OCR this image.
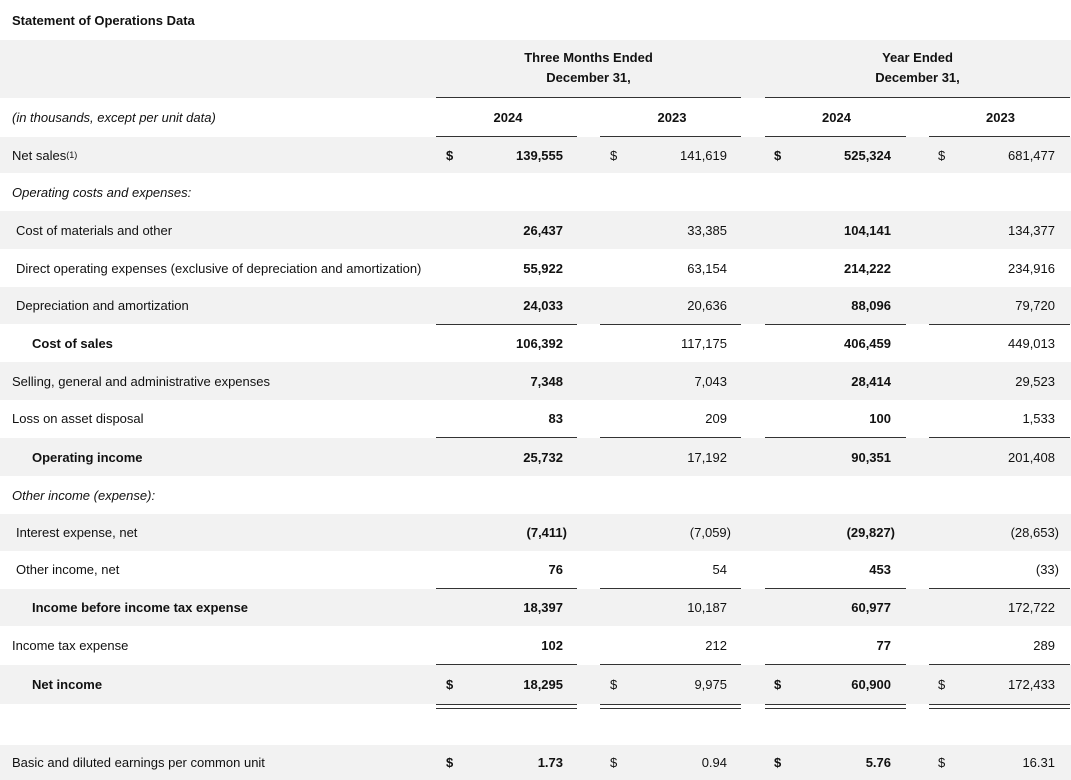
Statement of Operations Data
Three Months Ended
December 31,
Year Ended
December 31,
(in thousands, except per unit data)	2024	2023	2024	2023
Net sales (1)	$	139,555	$	141,619	$	525,324	$	681,477
Operating costs and expenses:
Cost of materials and other	26,437	33,385	104,141	134,377
Direct operating expenses (exclusive of depreciation and amortization)	55,922	63,154	214,222	234,916
Depreciation and amortization	24,033	20,636	88,096	79,720
Cost of sales	106,392	117,175	406,459	449,013
Selling, general and administrative expenses	7,348	7,043	28,414	29,523
Loss on asset disposal	83	209	100	1,533
Operating income	25,732	17,192	90,351	201,408
Other income (expense):
Interest expense, net	(7,411)	(7,059)	(29,827)	(28,653)
Other income, net	76	54	453	(33)
Income before income tax expense	18,397	10,187	60,977	172,722
Income tax expense	102	212	77	289
Net income	$	18,295	$	9,975	$	60,900	$	172,433
Basic and diluted earnings per common unit	$	1.73	$	0.94	$	5.76	$	16.31
